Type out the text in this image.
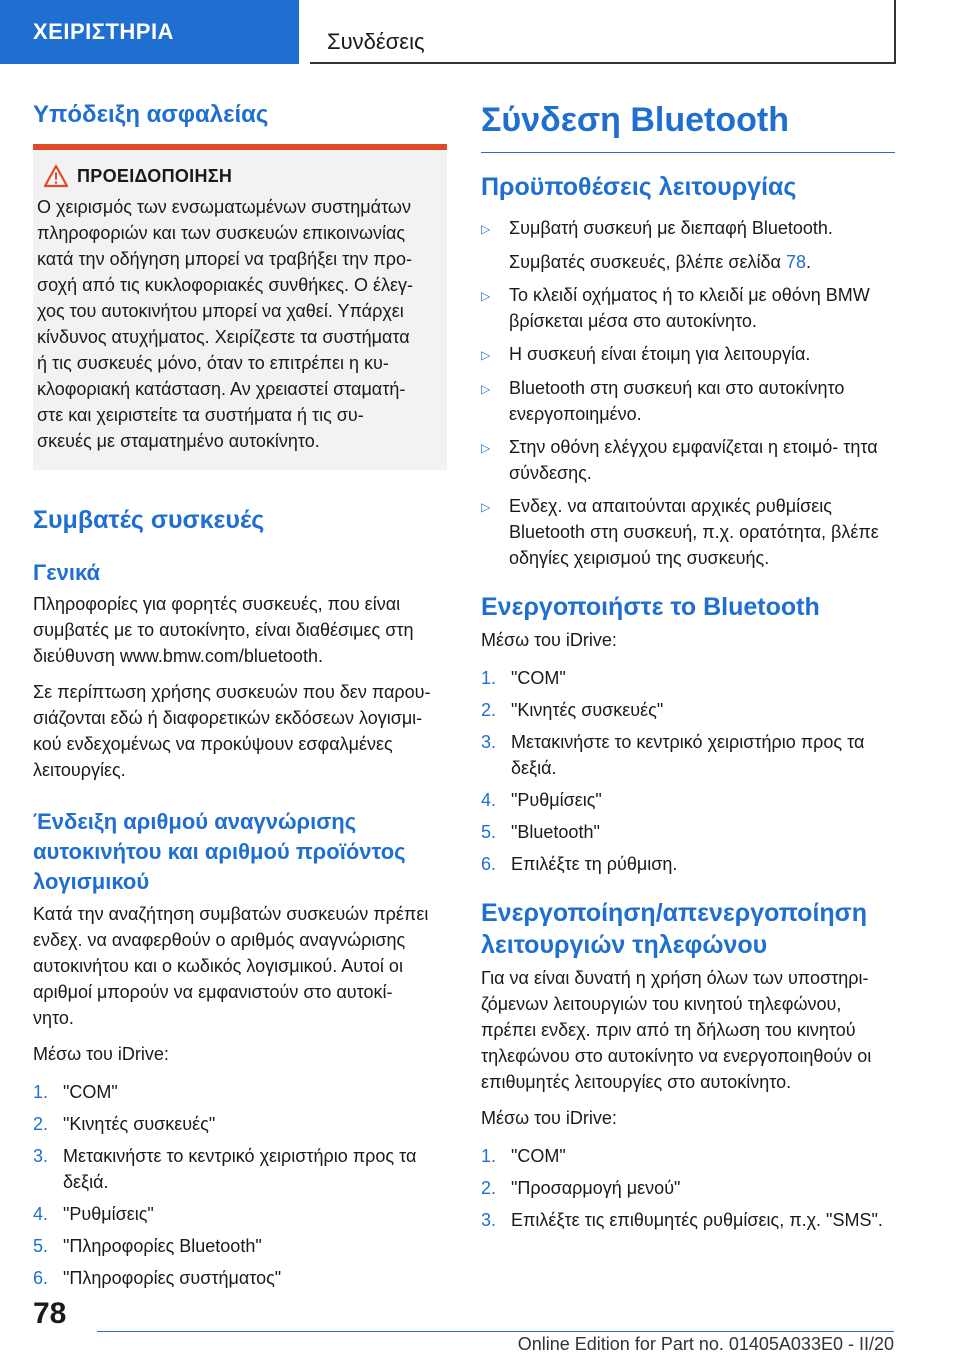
ΧΕΙΡΙΣΤΗΡΙΑ	Συνδέσεις
Υπόδειξη ασφαλείας
ΠΡΟΕΙΔΟΠΟΙΗΣΗ

Ο χειρισμός των ενσωματωμένων συστημάτων
πληροφοριών και των συσκευών επικοινωνίας
κατά την οδήγηση μπορεί να τραβήξει την προ-
σοχή από τις κυκλοφοριακές συνθήκες. Ο έλεγ-
χος του αυτοκινήτου μπορεί να χαθεί. Υπάρχει
κίνδυνος ατυχήματος. Χειρίζεστε τα συστήματα
ή τις συσκευές μόνο, όταν το επιτρέπει η κυ-
κλοφοριακή κατάσταση. Αν χρειαστεί σταματή-
στε και χειριστείτε τα συστήματα ή τις συ-
σκευές με σταματημένο αυτοκίνητο.

Συμβατές συσκευές
Γενικά

Πληροφορίες για φορητές συσκευές, που είναι
συμβατές με το αυτοκίνητο, είναι διαθέσιμες στη
διεύθυνση www.bmw.com/bluetooth.

Σε περίπτωση χρήσης συσκευών που δεν παρου-
σιάζονται εδώ ή διαφορετικών εκδόσεων λογισμι-
κού ενδεχομένως να προκύψουν εσφαλμένες
λειτουργίες.

Ένδειξη αριθμού αναγνώρισης
αυτοκινήτου και αριθμού προϊόντος
λογισμικού

Κατά την αναζήτηση συμβατών συσκευών πρέπει
ενδεχ. να αναφερθούν ο αριθμός αναγνώρισης
αυτοκινήτου και ο κωδικός λογισμικού. Αυτοί οι
αριθμοί μπορούν να εμφανιστούν στο αυτοκί-
νητο.

Μέσω του iDrive:

1. "COM"
2. "Κινητές συσκευές"
3. Μετακινήστε το κεντρικό χειριστήριο προς τα δεξιά.
4. "Ρυθμίσεις"
5. "Πληροφορίες Bluetooth"
6. "Πληροφορίες συστήματος"
Σύνδεση Bluetooth
Προϋποθέσεις λειτουργίας
▷	Συμβατή συσκευή με διεπαφή Bluetooth.
Συμβατές συσκευές, βλέπε σελίδα 78.
▷	Το κλειδί οχήματος ή το κλειδί με οθόνη BMW βρίσκεται μέσα στο αυτοκίνητο.
▷	Η συσκευή είναι έτοιμη για λειτουργία.
▷	Bluetooth στη συσκευή και στο αυτοκίνητο ενεργοποιημένο.
▷	Στην οθόνη ελέγχου εμφανίζεται η ετοιμό- τητα σύνδεσης.
▷	Ενδεχ. να απαιτούνται αρχικές ρυθμίσεις Bluetooth στη συσκευή, π.χ. ορατότητα, βλέπε οδηγίες χειρισμού της συσκευής.
Ενεργοποιήστε το Bluetooth

Μέσω του iDrive:

1. "COM"
2. "Κινητές συσκευές"
3. Μετακινήστε το κεντρικό χειριστήριο προς τα δεξιά.
4. "Ρυθμίσεις"
5. "Bluetooth"
6. Επιλέξτε τη ρύθμιση.
Ενεργοποίηση/απενεργοποίηση
λειτουργιών τηλεφώνου

Για να είναι δυνατή η χρήση όλων των υποστηρι-
ζόμενων λειτουργιών του κινητού τηλεφώνου,
πρέπει ενδεχ. πριν από τη δήλωση του κινητού
τηλεφώνου στο αυτοκίνητο να ενεργοποιηθούν οι
επιθυμητές λειτουργίες στο αυτοκίνητο.

Μέσω του iDrive:

1. "COM"
2. "Προσαρμογή μενού"
3. Επιλέξτε τις επιθυμητές ρυθμίσεις, π.χ. "SMS".
78
Online Edition for Part no. 01405A033E0 - II/20
